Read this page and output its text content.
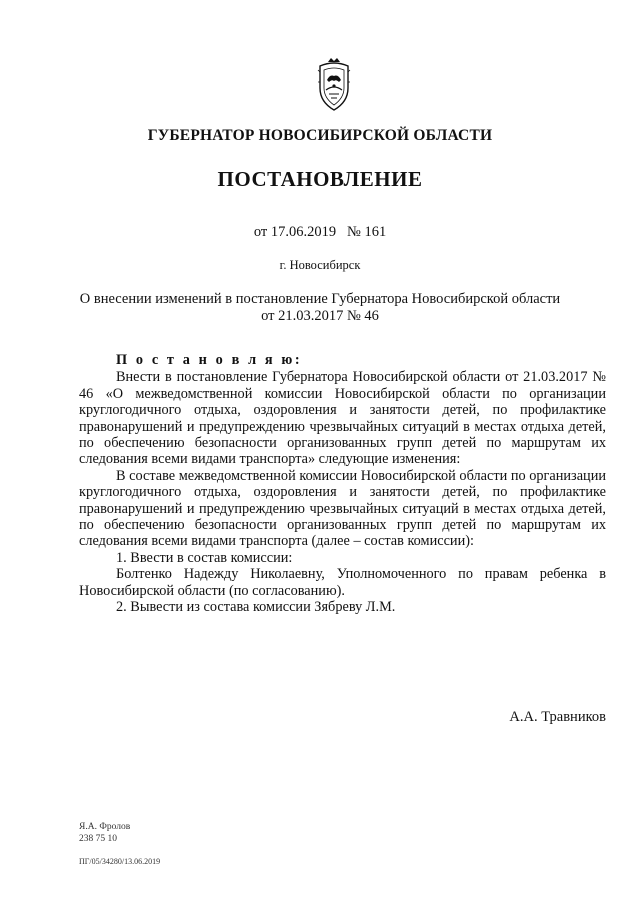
ГУБЕРНАТОР НОВОСИБИРСКОЙ ОБЛАСТИ
ПОСТАНОВЛЕНИЕ
от 17.06.2019 № 161
г. Новосибирск
О внесении изменений в постановление Губернатора Новосибирской области
от 21.03.2017 № 46

П о с т а н о в л я ю:

Внести в постановление Губернатора Новосибирской области от 21.03.2017 № 46 «О межведомственной комиссии Новосибирской области по организации круглогодичного отдыха, оздоровления и занятости детей, по профилактике правонарушений и предупреждению чрезвычайных ситуаций в местах отдыха детей, по обеспечению безопасности организованных групп детей по маршрутам их следования всеми видами транспорта» следующие изменения:

В составе межведомственной комиссии Новосибирской области по организации круглогодичного отдыха, оздоровления и занятости детей, по профилактике правонарушений и предупреждению чрезвычайных ситуаций в местах отдыха детей, по обеспечению безопасности организованных групп детей по маршрутам их следования всеми видами транспорта (далее – состав комиссии):

1. Ввести в состав комиссии:

Болтенко Надежду Николаевну, Уполномоченного по правам ребенка в Новосибирской области (по согласованию).

2. Вывести из состава комиссии Зябреву Л.М.

А.А. Травников
Я.А. Фролов
238 75 10
ПГ/05/34280/13.06.2019
